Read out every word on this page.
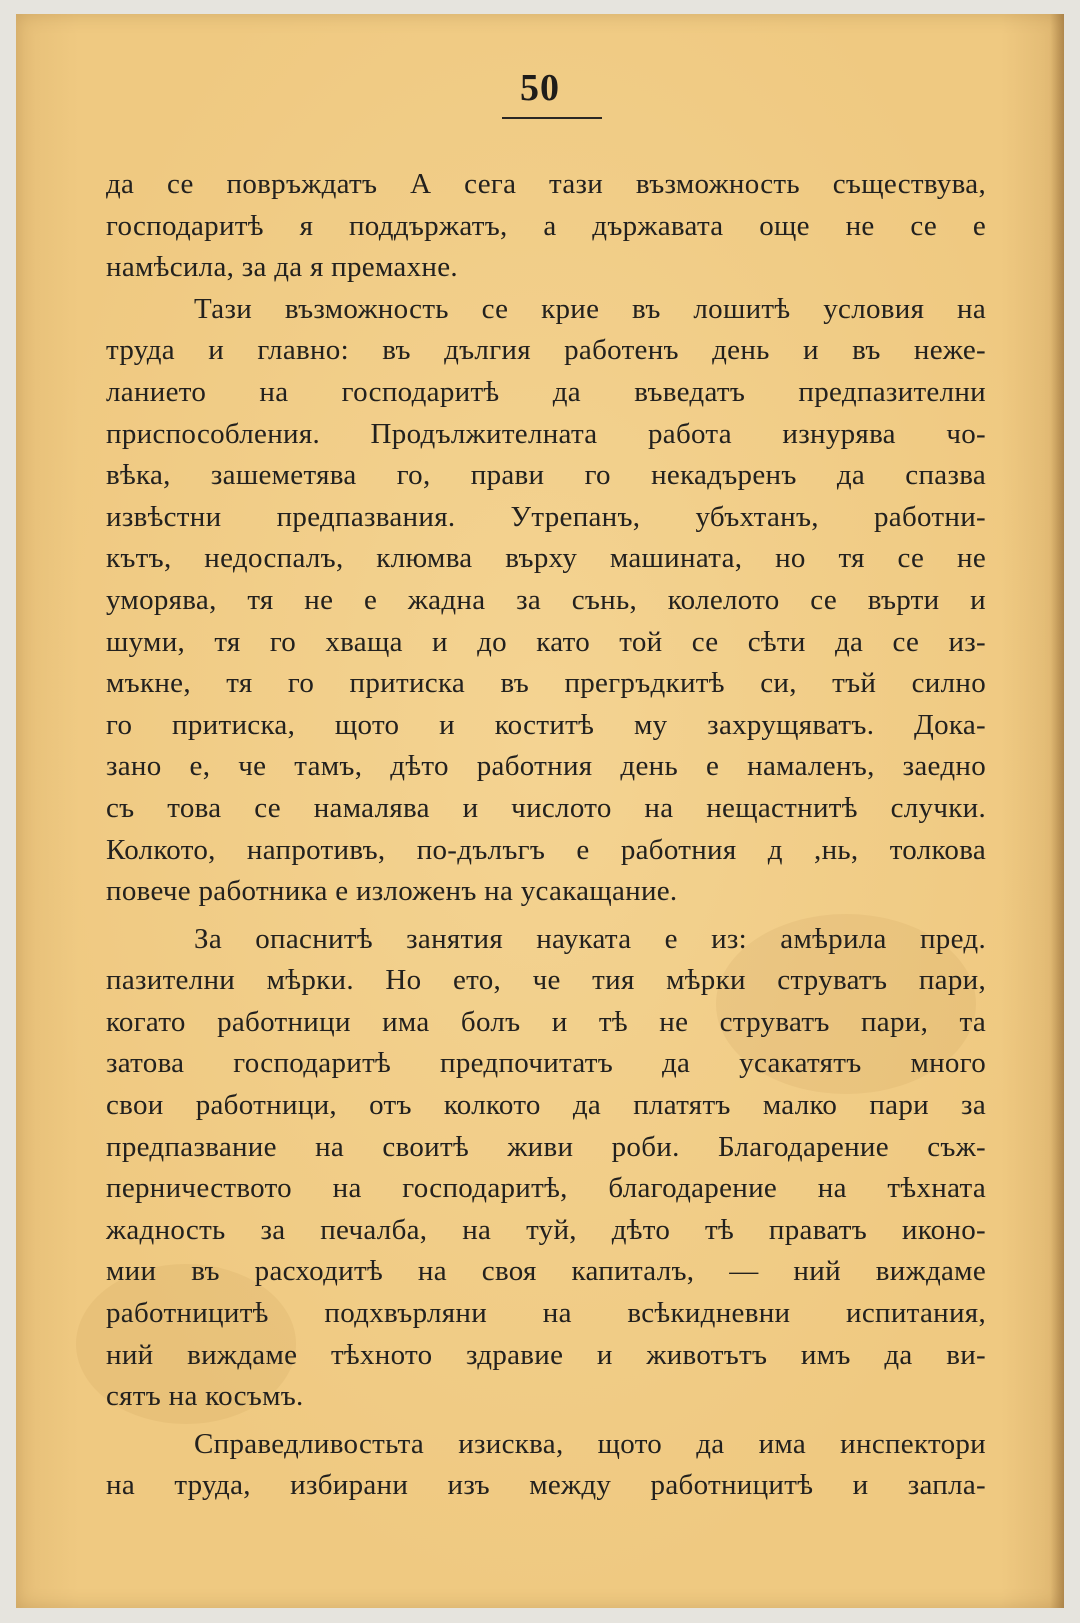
50
да се повръждатъ А сега тази възможность съществува,
господаритѣ я поддържатъ, а държавата още не се е
намѣсила, за да я премахне.
Тази възможность се крие въ лошитѣ условия на
труда и главно: въ дългия работенъ день и въ неже-
ланието на господаритѣ да въведатъ предпазителни
приспособления. Продължителната работа изнурява чо-
вѣка, зашеметява го, прави го некадъренъ да спазва
извѣстни предпазвания. Утрепанъ, убъхтанъ, работни-
кътъ, недоспалъ, клюмва върху машината, но тя се не
уморява, тя не е жадна за сънь, колелото се върти и
шуми, тя го хваща и до като той се сѣти да се из-
мъкне, тя го притиска въ прегръдкитѣ си, тъй силно
го притиска, щото и коститѣ му захрущяватъ. Дока-
зано е, че тамъ, дѣто работния день е намаленъ, заедно
съ това се намалява и числото на нещастнитѣ случки.
Колкото, напротивъ, по-дълъгъ е работния д ,нь, толкова
повече работника е изложенъ на усакащание.
За опаснитѣ занятия науката е из: амѣрила пред.
пазителни мѣрки. Но ето, че тия мѣрки струватъ пари,
когато работници има болъ и тѣ не струватъ пари, та
затова господаритѣ предпочитатъ да усакатятъ много
свои работници, отъ колкото да платятъ малко пари за
предпазвание на своитѣ живи роби. Благодарение съж-
перничеството на господаритѣ, благодарение на тѣхната
жадность за печалба, на туй, дѣто тѣ праватъ иконо-
мии въ расходитѣ на своя капиталъ, — ний виждаме
работницитѣ подхвърляни на всѣкидневни испитания,
ний виждаме тѣхното здравие и животътъ имъ да ви-
сятъ на косъмъ.
Справедливостьта изисква, щото да има инспектори
на труда, избирани изъ между работницитѣ и запла-
